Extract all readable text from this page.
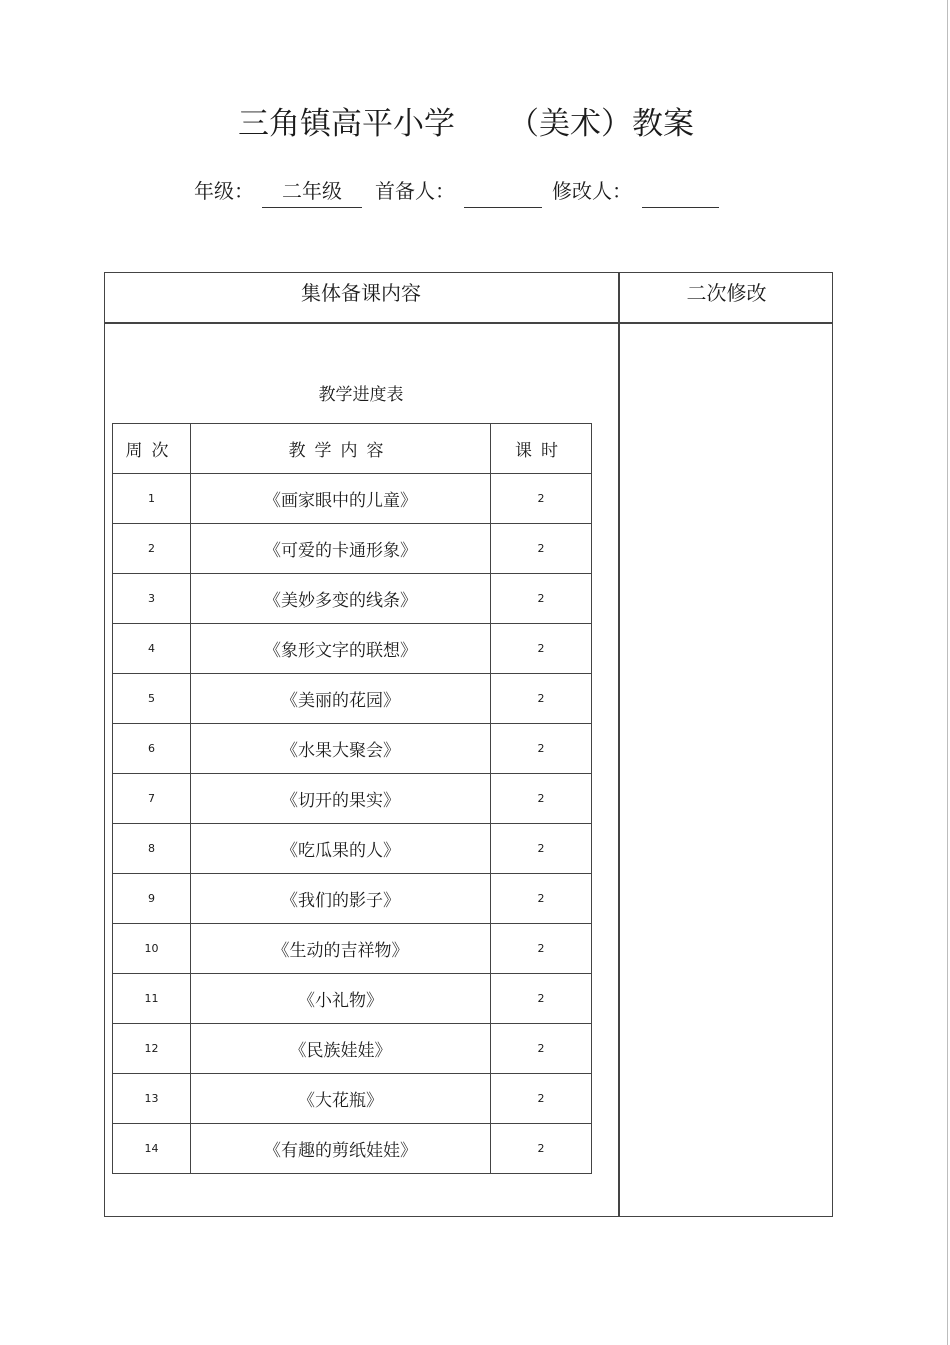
三角镇高平小学 （美术）教案
年级：	二年级	首备人：	修改人：
集体备课内容	二次修改
教学进度表
周次	教学内容	课时
1	《画家眼中的儿童》	2
2	《可爱的卡通形象》	2
3	《美妙多变的线条》	2
4	《象形文字的联想》	2
5	《美丽的花园》	2
6	《水果大聚会》	2
7	《切开的果实》	2
8	《吃瓜果的人》	2
9	《我们的影子》	2
10	《生动的吉祥物》	2
11	《小礼物》	2
12	《民族娃娃》	2
13	《大花瓶》	2
14	《有趣的剪纸娃娃》	2
